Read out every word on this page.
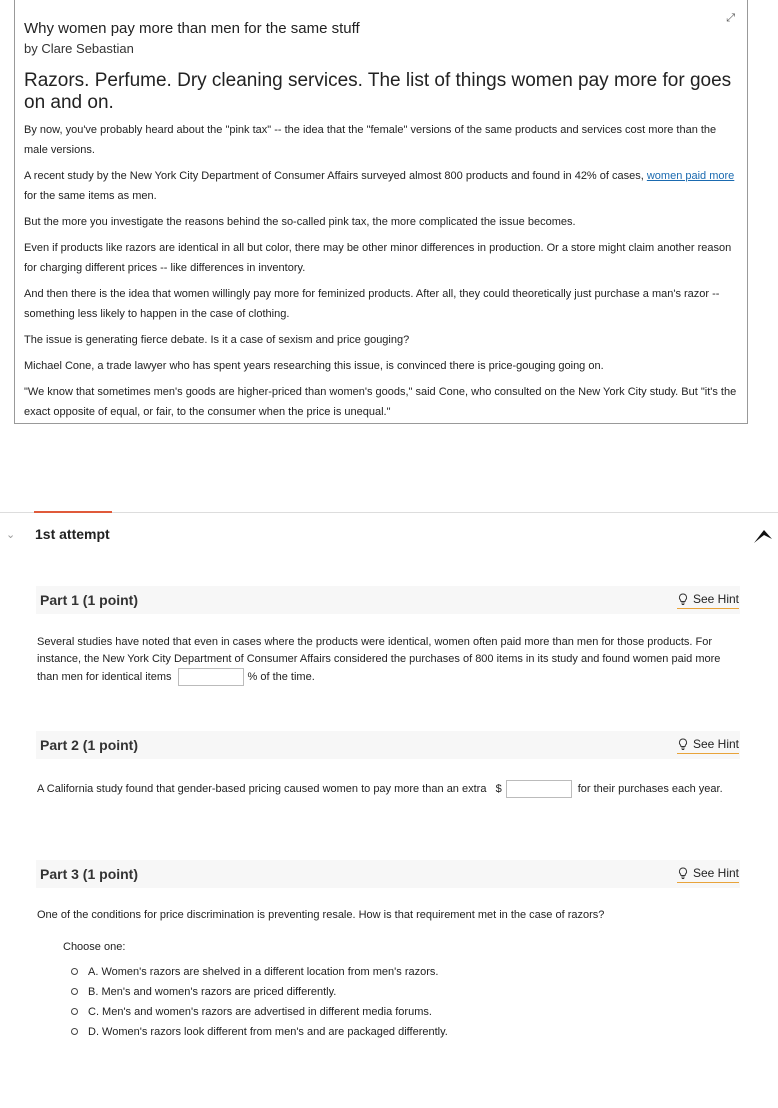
⤢
Why women pay more than men for the same stuff
by Clare Sebastian
Razors. Perfume. Dry cleaning services. The list of things women pay more for goes on and on.

By now, you've probably heard about the "pink tax" -- the idea that the "female" versions of the same products and services cost more than the male versions.

A recent study by the New York City Department of Consumer Affairs surveyed almost 800 products and found in 42% of cases, women paid more for the same items as men.

But the more you investigate the reasons behind the so-called pink tax, the more complicated the issue becomes.

Even if products like razors are identical in all but color, there may be other minor differences in production. Or a store might claim another reason for charging different prices -- like differences in inventory.

And then there is the idea that women willingly pay more for feminized products. After all, they could theoretically just purchase a man's razor -- something less likely to happen in the case of clothing.

The issue is generating fierce debate. Is it a case of sexism and price gouging?

Michael Cone, a trade lawyer who has spent years researching this issue, is convinced there is price-gouging going on.

"We know that sometimes men's goods are higher-priced than women's goods," said Cone, who consulted on the New York City study. But "it's the exact opposite of equal, or fair, to the consumer when the price is unequal."

⌄ 1st attempt
Part 1 (1 point)	See Hint
Several studies have noted that even in cases where the products were identical, women often paid more than men for those products. For instance, the New York City Department of Consumer Affairs considered the purchases of 800 items in its study and found women paid more than men for identical items	% of the time.
Part 2 (1 point)	See Hint
A California study found that gender-based pricing caused women to pay more than an extra $	for their purchases each year.
Part 3 (1 point)	See Hint
One of the conditions for price discrimination is preventing resale. How is that requirement met in the case of razors?
Choose one:
A. Women's razors are shelved in a different location from men's razors.
B. Men's and women's razors are priced differently.
C. Men's and women's razors are advertised in different media forums.
D. Women's razors look different from men's and are packaged differently.
